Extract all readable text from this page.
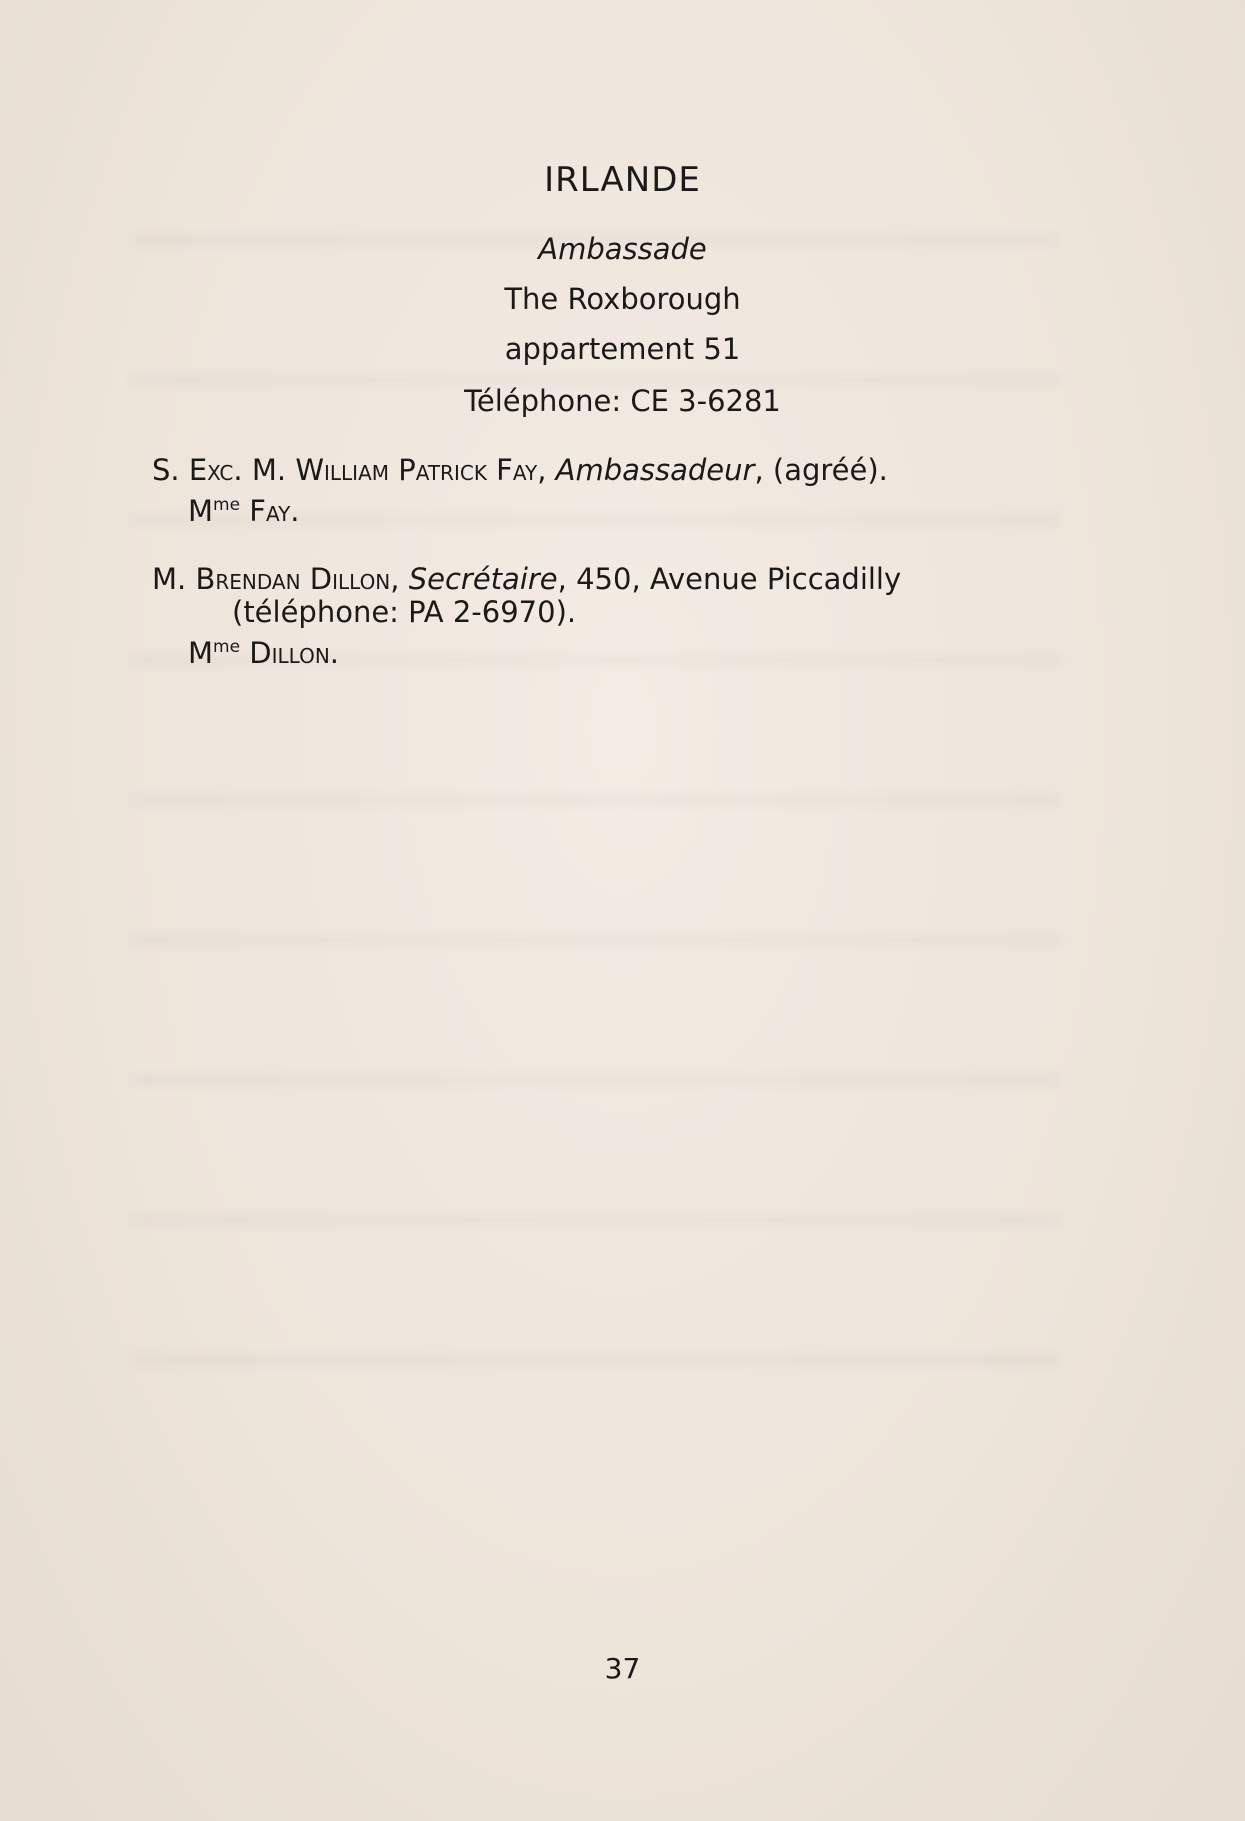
IRLANDE
Ambassade
The Roxborough
appartement 51
Téléphone: CE 3-6281
S. Exc. M. William Patrick Fay, Ambassadeur, (agréé).
$M^{me}$ Fay.
M. Brendan Dillon, Secrétaire, 450, Avenue Piccadilly
(téléphone: PA 2-6970).
$M^{me}$ Dillon.
37
